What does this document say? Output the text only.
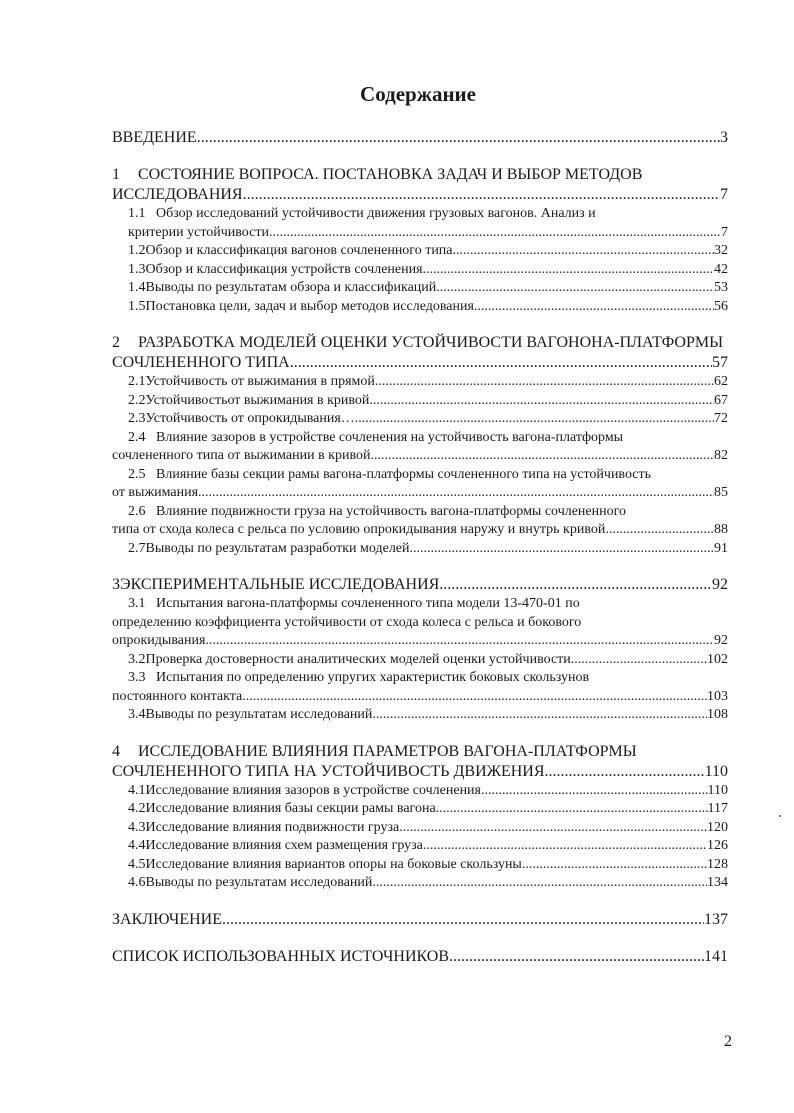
Содержание
ВВЕДЕНИЕ .....	3
1 СОСТОЯНИЕ ВОПРОСА. ПОСТАНОВКА ЗАДАЧ И ВЫБОР МЕТОДОВ
ИССЛЕДОВАНИЯ .....	7
1.1 Обзор исследований устойчивости движения грузовых вагонов. Анализ и
критерии устойчивости .....	7
1.2 Обзор и классификация вагонов сочлененного типа .....	32
1.3 Обзор и классификация устройств сочленения .....	42
1.4 Выводы по результатам обзора и классификаций .....	53
1.5 Постановка цели, задач и выбор методов исследования .....	56
2 РАЗРАБОТКА МОДЕЛЕЙ ОЦЕНКИ УСТОЙЧИВОСТИ ВАГОНОНА-ПЛАТФОРМЫ
СОЧЛЕНЕННОГО ТИПА .....	57
2.1 Устойчивость от выжимания в прямой .....	62
2.2 Устойчивостьот выжимания в кривой .....	67
2.3 Устойчивость от опрокидывания… .....	72
2.4 Влияние зазоров в устройстве сочленения на устойчивость вагона-платформы
сочлененного типа от выжимании в кривой .....	82
2.5 Влияние базы секции рамы вагона-платформы сочлененного типа на устойчивость
от выжимания .....	85
2.6 Влияние подвижности груза на устойчивость вагона-платформы сочлененного
типа от схода колеса с рельса по условию опрокидывания наружу и внутрь кривой .....	88
2.7 Выводы по результатам разработки моделей .....	91
3 ЭКСПЕРИМЕНТАЛЬНЫЕ ИССЛЕДОВАНИЯ. .....	92
3.1 Испытания вагона-платформы сочлененного типа модели 13-470-01 по
определению коэффициента устойчивости от схода колеса с рельса и бокового
опрокидывания .....	92
3.2 Проверка достоверности аналитических моделей оценки устойчивости .....	102
3.3 Испытания по определению упругих характеристик боковых скользунов
постоянного контакта .....	103
3.4 Выводы по результатам исследований .....	108
4 ИССЛЕДОВАНИЕ ВЛИЯНИЯ ПАРАМЕТРОВ ВАГОНА-ПЛАТФОРМЫ
СОЧЛЕНЕННОГО ТИПА НА УСТОЙЧИВОСТЬ ДВИЖЕНИЯ .....	110
4.1 Исследование влияния зазоров в устройстве сочленения .....	110
4.2 Исследование влияния базы секции рамы вагона .....	117
4.3 Исследование влияния подвижности груза .....	120
4.4 Исследование влияния схем размещения груза .....	126
4.5 Исследование влияния вариантов опоры на боковые скользуны .....	128
4.6 Выводы по результатам исследований .....	134
ЗАКЛЮЧЕНИЕ .....	137
СПИСОК ИСПОЛЬЗОВАННЫХ ИСТОЧНИКОВ .....	141
2
